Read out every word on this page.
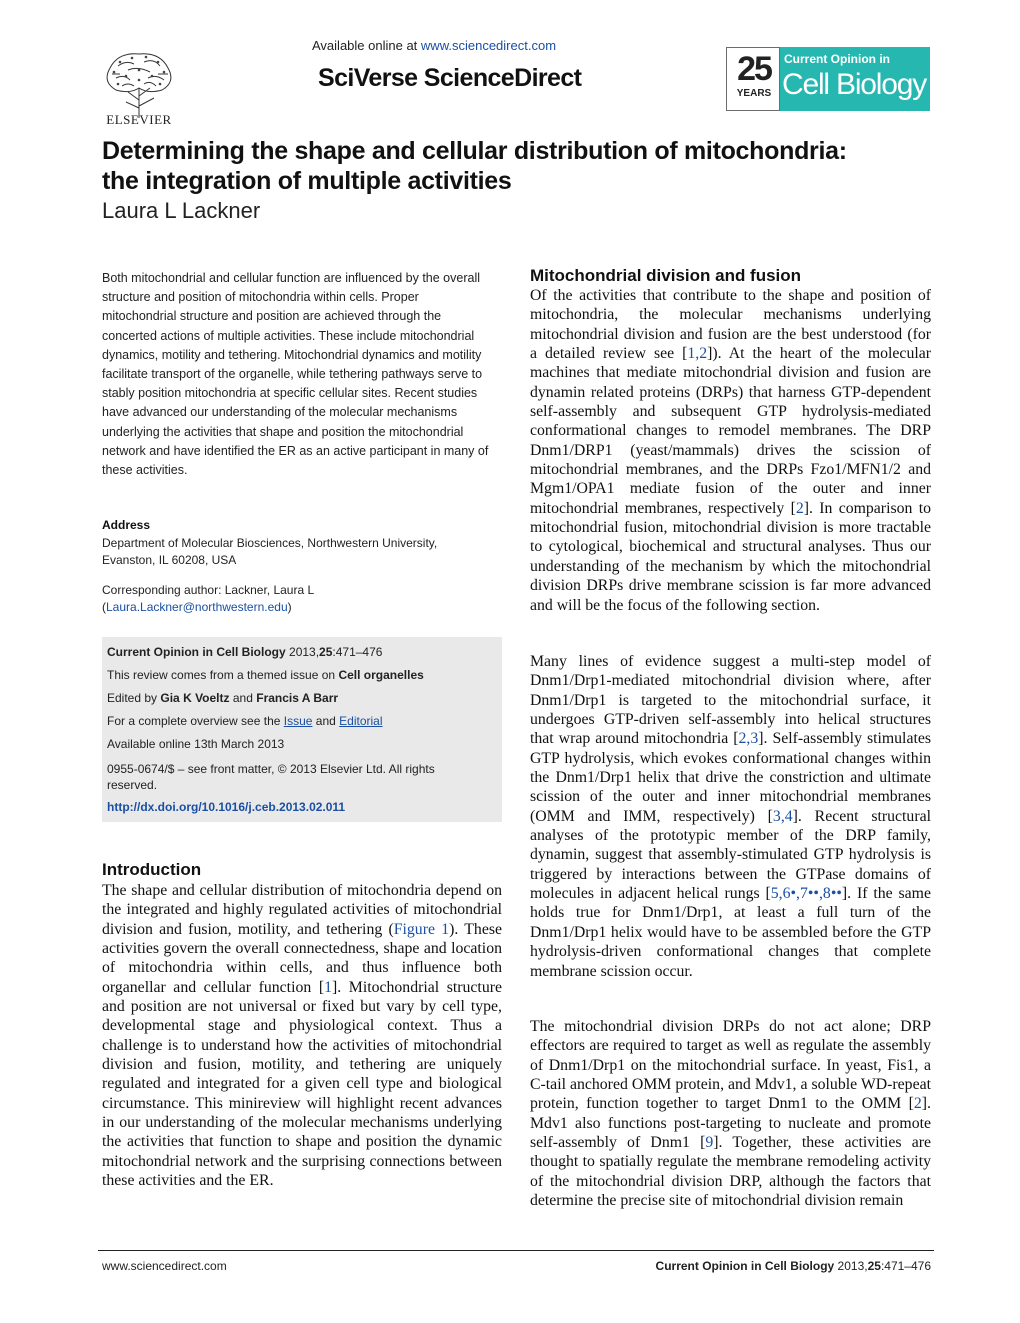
ELSEVIER
Available online at www.sciencedirect.com
SciVerse ScienceDirect	25
YEARS
Current Opinion in
Cell Biology
Determining the shape and cellular distribution of mitochondria:
the integration of multiple activities
Laura L Lackner
Both mitochondrial and cellular function are influenced by the overall structure and position of mitochondria within cells. Proper mitochondrial structure and position are achieved through the concerted actions of multiple activities. These include mitochondrial dynamics, motility and tethering. Mitochondrial dynamics and motility facilitate transport of the organelle, while tethering pathways serve to stably position mitochondria at specific cellular sites. Recent studies have advanced our understanding of the molecular mechanisms underlying the activities that shape and position the mitochondrial network and have identified the ER as an active participant in many of these activities.
Address
Department of Molecular Biosciences, Northwestern University,
Evanston, IL 60208, USA
Corresponding author: Lackner, Laura L
(Laura.Lackner@northwestern.edu)
Current Opinion in Cell Biology 2013,25:471–476
This review comes from a themed issue on Cell organelles
Edited by Gia K Voeltz and Francis A Barr
For a complete overview see the Issue and Editorial
Available online 13th March 2013
0955-0674/$ – see front matter, © 2013 Elsevier Ltd. All rights
reserved.
http://dx.doi.org/10.1016/j.ceb.2013.02.011
Introduction
The shape and cellular distribution of mitochondria depend on the integrated and highly regulated activities of mitochondrial division and fusion, motility, and tethering (Figure 1). These activities govern the overall connectedness, shape and location of mitochondria within cells, and thus influence both organellar and cellular function [1]. Mitochondrial structure and position are not universal or fixed but vary by cell type, developmental stage and physiological context. Thus a challenge is to understand how the activities of mitochondrial division and fusion, motility, and tethering are uniquely regulated and integrated for a given cell type and biological circumstance. This minireview will highlight recent advances in our understanding of the molecular mechanisms underlying the activities that function to shape and position the dynamic mitochondrial network and the surprising connections between these activities and the ER.
Mitochondrial division and fusion
Of the activities that contribute to the shape and position of mitochondria, the molecular mechanisms underlying mitochondrial division and fusion are the best understood (for a detailed review see [1,2]). At the heart of the molecular machines that mediate mitochondrial division and fusion are dynamin related proteins (DRPs) that harness GTP-dependent self-assembly and subsequent GTP hydrolysis-mediated conformational changes to remodel membranes. The DRP Dnm1/DRP1 (yeast/mammals) drives the scission of mitochondrial membranes, and the DRPs Fzo1/MFN1/2 and Mgm1/OPA1 mediate fusion of the outer and inner mitochondrial membranes, respectively [2]. In comparison to mitochondrial fusion, mitochondrial division is more tractable to cytological, biochemical and structural analyses. Thus our understanding of the mechanism by which the mitochondrial division DRPs drive membrane scission is far more advanced and will be the focus of the following section.
Many lines of evidence suggest a multi-step model of Dnm1/Drp1-mediated mitochondrial division where, after Dnm1/Drp1 is targeted to the mitochondrial surface, it undergoes GTP-driven self-assembly into helical structures that wrap around mitochondria [2,3]. Self-assembly stimulates GTP hydrolysis, which evokes conformational changes within the Dnm1/Drp1 helix that drive the constriction and ultimate scission of the outer and inner mitochondrial membranes (OMM and IMM, respectively) [3,4]. Recent structural analyses of the prototypic member of the DRP family, dynamin, suggest that assembly-stimulated GTP hydrolysis is triggered by interactions between the GTPase domains of molecules in adjacent helical rungs [5,6•,7••,8••]. If the same holds true for Dnm1/Drp1, at least a full turn of the Dnm1/Drp1 helix would have to be assembled before the GTP hydrolysis-driven conformational changes that complete membrane scission occur.
The mitochondrial division DRPs do not act alone; DRP effectors are required to target as well as regulate the assembly of Dnm1/Drp1 on the mitochondrial surface. In yeast, Fis1, a C-tail anchored OMM protein, and Mdv1, a soluble WD-repeat protein, function together to target Dnm1 to the OMM [2]. Mdv1 also functions post-targeting to nucleate and promote self-assembly of Dnm1 [9]. Together, these activities are thought to spatially regulate the membrane remodeling activity of the mitochondrial division DRP, although the factors that determine the precise site of mitochondrial division remain
www.sciencedirect.com	Current Opinion in Cell Biology 2013,25:471–476
